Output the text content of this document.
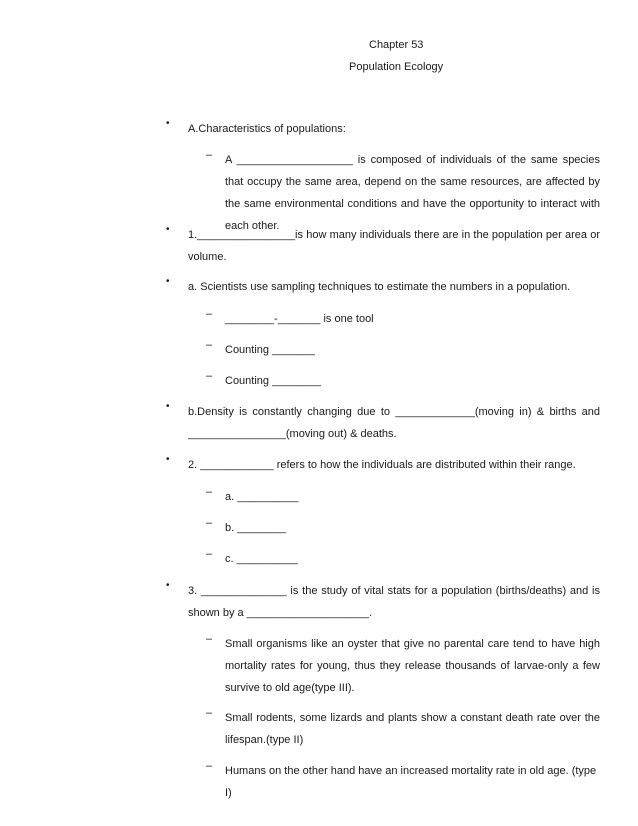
Chapter 53
Population Ecology
• A.Characteristics of populations:
– A ___________________ is composed of individuals of the same species that occupy the same area, depend on the same resources, are affected by the same environmental conditions and have the opportunity to interact with each other.
• 1.________________is how many individuals there are in the population per area or
volume.
• a. Scientists use sampling techniques to estimate the numbers in a population.
– ________-_______ is one tool
– Counting _______
– Counting ________
• b.Density is constantly changing due to _____________(moving in) & births and
________________(moving out) & deaths.
• 2. ____________ refers to how the individuals are distributed within their range.
– a. __________
– b. ________
– c. __________
• 3. ______________ is the study of vital stats for a population (births/deaths) and is
shown by a ____________________.
– Small organisms like an oyster that give no parental care tend to have high mortality rates for young, thus they release thousands of larvae-only a few survive to old age(type III).
– Small rodents, some lizards and plants show a constant death rate over the lifespan.(type II)
– Humans on the other hand have an increased mortality rate in old age. (type I)
